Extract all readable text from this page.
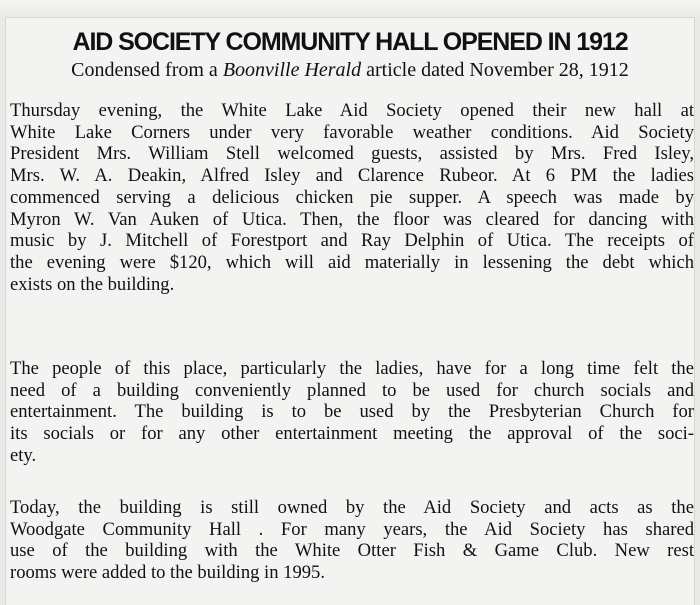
AID SOCIETY COMMUNITY HALL OPENED IN 1912
Condensed from a Boonville Herald article dated November 28, 1912

Thursday evening, the White Lake Aid Society opened their new hall at
White Lake Corners under very favorable weather conditions. Aid Society
President Mrs. William Stell welcomed guests, assisted by Mrs. Fred Isley,
Mrs. W. A. Deakin, Alfred Isley and Clarence Rubeor. At 6 PM the ladies
commenced serving a delicious chicken pie supper. A speech was made by
Myron W. Van Auken of Utica. Then, the floor was cleared for dancing with
music by J. Mitchell of Forestport and Ray Delphin of Utica. The receipts of
the evening were $120, which will aid materially in lessening the debt which
exists on the building.

The people of this place, particularly the ladies, have for a long time felt the
need of a building conveniently planned to be used for church socials and
entertainment. The building is to be used by the Presbyterian Church for
its socials or for any other entertainment meeting the approval of the soci-
ety.

Today, the building is still owned by the Aid Society and acts as the
Woodgate Community Hall . For many years, the Aid Society has shared
use of the building with the White Otter Fish & Game Club. New rest
rooms were added to the building in 1995.
